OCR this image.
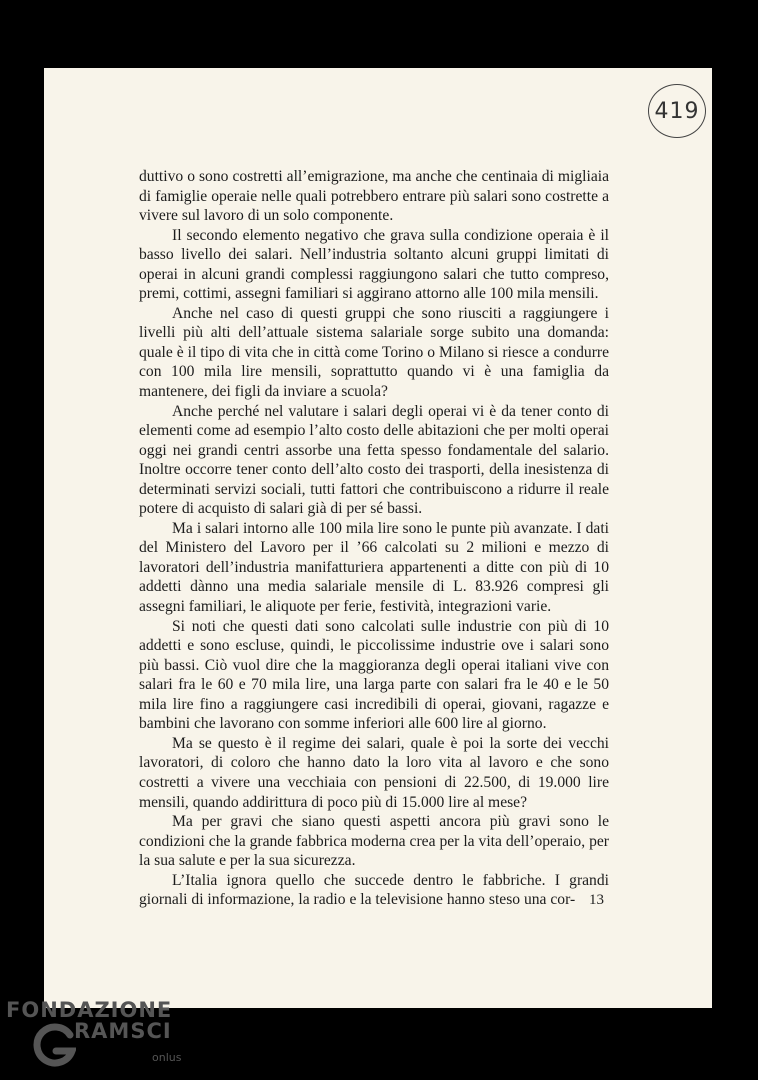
419

duttivo o sono costretti all’emigrazione, ma anche che centinaia di migliaia di famiglie operaie nelle quali potrebbero entrare più salari sono costrette a vivere sul lavoro di un solo componente.

Il secondo elemento negativo che grava sulla condizione operaia è il basso livello dei salari. Nell’industria soltanto alcuni gruppi limitati di operai in alcuni grandi complessi raggiungono salari che tutto compreso, premi, cottimi, assegni familiari si aggirano attorno alle 100 mila mensili.

Anche nel caso di questi gruppi che sono riusciti a raggiungere i livelli più alti dell’attuale sistema salariale sorge subito una domanda: quale è il tipo di vita che in città come Torino o Milano si riesce a condurre con 100 mila lire mensili, soprattutto quando vi è una famiglia da mantenere, dei figli da inviare a scuola?

Anche perché nel valutare i salari degli operai vi è da tener conto di elementi come ad esempio l’alto costo delle abitazioni che per molti operai oggi nei grandi centri assorbe una fetta spesso fondamentale del salario. Inoltre occorre tener conto dell’alto costo dei trasporti, della inesistenza di determinati servizi sociali, tutti fattori che contribuiscono a ridurre il reale potere di acquisto di salari già di per sé bassi.

Ma i salari intorno alle 100 mila lire sono le punte più avanzate. I dati del Ministero del Lavoro per il ’66 calcolati su 2 milioni e mezzo di lavoratori dell’industria manifatturiera appartenenti a ditte con più di 10 addetti dànno una media salariale mensile di L. 83.926 compresi gli assegni familiari, le aliquote per ferie, festività, integrazioni varie.

Si noti che questi dati sono calcolati sulle industrie con più di 10 addetti e sono escluse, quindi, le piccolissime industrie ove i salari sono più bassi. Ciò vuol dire che la maggioranza degli operai italiani vive con salari fra le 60 e 70 mila lire, una larga parte con salari fra le 40 e le 50 mila lire fino a raggiungere casi incredibili di operai, giovani, ragazze e bambini che lavorano con somme inferiori alle 600 lire al giorno.

Ma se questo è il regime dei salari, quale è poi la sorte dei vecchi lavoratori, di coloro che hanno dato la loro vita al lavoro e che sono costretti a vivere una vecchiaia con pensioni di 22.500, di 19.000 lire mensili, quando addirittura di poco più di 15.000 lire al mese?

Ma per gravi che siano questi aspetti ancora più gravi sono le condizioni che la grande fabbrica moderna crea per la vita dell’operaio, per la sua salute e per la sua sicurezza.

L’Italia ignora quello che succede dentro le fabbriche. I grandi giornali di informazione, la radio e la televisione hanno steso una cor- 13
FONDAZIONE
RAMSCI
onlus
